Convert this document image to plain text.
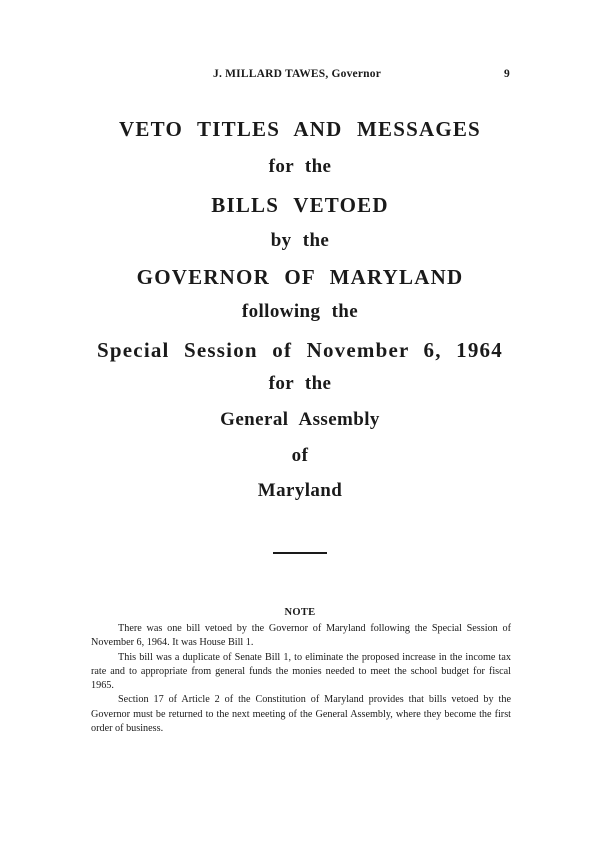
J. MILLARD TAWES, Governor	9
VETO TITLES AND MESSAGES
for the
BILLS VETOED
by the
GOVERNOR OF MARYLAND
following the
Special Session of November 6, 1964
for the
General Assembly
of
Maryland
NOTE

There was one bill vetoed by the Governor of Maryland following the Special Session of November 6, 1964. It was House Bill 1.

This bill was a duplicate of Senate Bill 1, to eliminate the proposed increase in the income tax rate and to appropriate from general funds the monies needed to meet the school budget for fiscal 1965.

Section 17 of Article 2 of the Constitution of Maryland provides that bills vetoed by the Governor must be returned to the next meeting of the General Assembly, where they become the first order of business.
